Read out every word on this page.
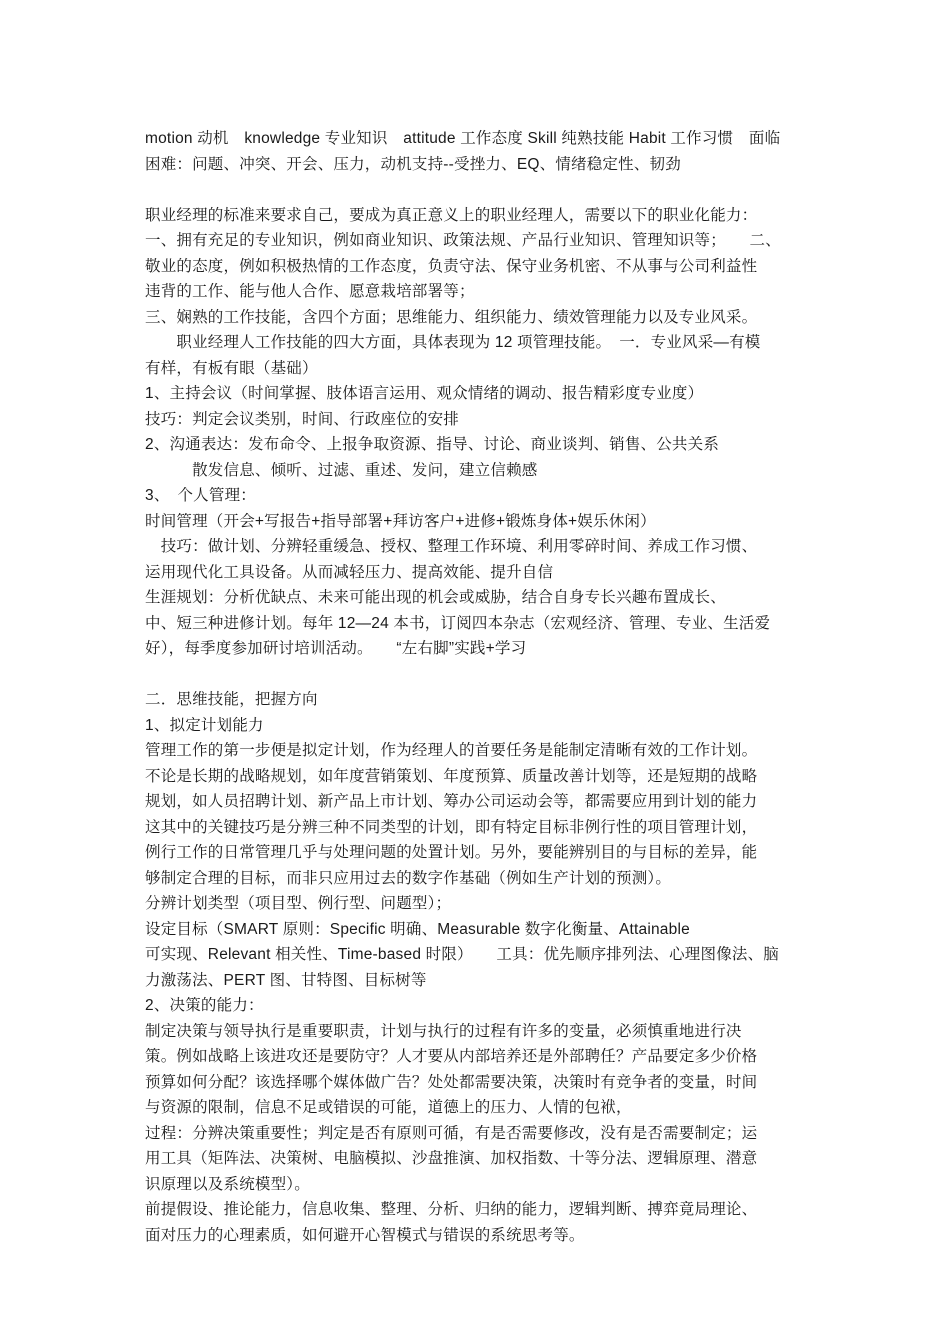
motion 动机　knowledge 专业知识　attitude 工作态度 Skill 纯熟技能 Habit 工作习惯　面临
困难：问题、冲突、开会、压力，动机支持--受挫力、EQ、情绪稳定性、韧劲
职业经理的标准来要求自己，要成为真正意义上的职业经理人，需要以下的职业化能力：
一、拥有充足的专业知识，例如商业知识、政策法规、产品行业知识、管理知识等；　　二、
敬业的态度，例如积极热情的工作态度，负责守法、保守业务机密、不从事与公司利益性
违背的工作、能与他人合作、愿意栽培部署等；
三、娴熟的工作技能，含四个方面；思维能力、组织能力、绩效管理能力以及专业风采。
　　职业经理人工作技能的四大方面，具体表现为 12 项管理技能。　一．专业风采—有模
有样，有板有眼（基础）
1、主持会议（时间掌握、肢体语言运用、观众情绪的调动、报告精彩度专业度）
技巧：判定会议类别，时间、行政座位的安排
2、沟通表达：发布命令、上报争取资源、指导、讨论、商业谈判、销售、公共关系
　　　散发信息、倾听、过滤、重述、发问，建立信赖感
3、　个人管理：
时间管理（开会+写报告+指导部署+拜访客户+进修+锻炼身体+娱乐休闲）
　技巧：做计划、分辨轻重缓急、授权、整理工作环境、利用零碎时间、养成工作习惯、
运用现代化工具设备。从而减轻压力、提高效能、提升自信
生涯规划：分析优缺点、未来可能出现的机会或威胁，结合自身专长兴趣布置成长、
中、短三种进修计划。每年 12—24 本书，订阅四本杂志（宏观经济、管理、专业、生活爱
好），每季度参加研讨培训活动。　　“左右脚”实践+学习
二．思维技能，把握方向
1、拟定计划能力
管理工作的第一步便是拟定计划，作为经理人的首要任务是能制定清晰有效的工作计划。
不论是长期的战略规划，如年度营销策划、年度预算、质量改善计划等，还是短期的战略
规划，如人员招聘计划、新产品上市计划、筹办公司运动会等，都需要应用到计划的能力
这其中的关键技巧是分辨三种不同类型的计划，即有特定目标非例行性的项目管理计划，
例行工作的日常管理几乎与处理问题的处置计划。另外，要能辨别目的与目标的差异，能
够制定合理的目标，而非只应用过去的数字作基础（例如生产计划的预测）。
分辨计划类型（项目型、例行型、问题型）；
设定目标（SMART 原则：Specific 明确、Measurable 数字化衡量、Attainable
可实现、Relevant 相关性、Time-based 时限）　　工具：优先顺序排列法、心理图像法、脑
力激荡法、PERT 图、甘特图、目标树等
2、决策的能力：
制定决策与领导执行是重要职责，计划与执行的过程有许多的变量，必须慎重地进行决
策。例如战略上该进攻还是要防守？人才要从内部培养还是外部聘任？产品要定多少价格
预算如何分配？该选择哪个媒体做广告？处处都需要决策，决策时有竞争者的变量，时间
与资源的限制，信息不足或错误的可能，道德上的压力、人情的包袱，
过程：分辨决策重要性；判定是否有原则可循，有是否需要修改，没有是否需要制定；运
用工具（矩阵法、决策树、电脑模拟、沙盘推演、加权指数、十等分法、逻辑原理、潜意
识原理以及系统模型）。
前提假设、推论能力，信息收集、整理、分析、归纳的能力，逻辑判断、搏弈竟局理论、
面对压力的心理素质，如何避开心智模式与错误的系统思考等。
